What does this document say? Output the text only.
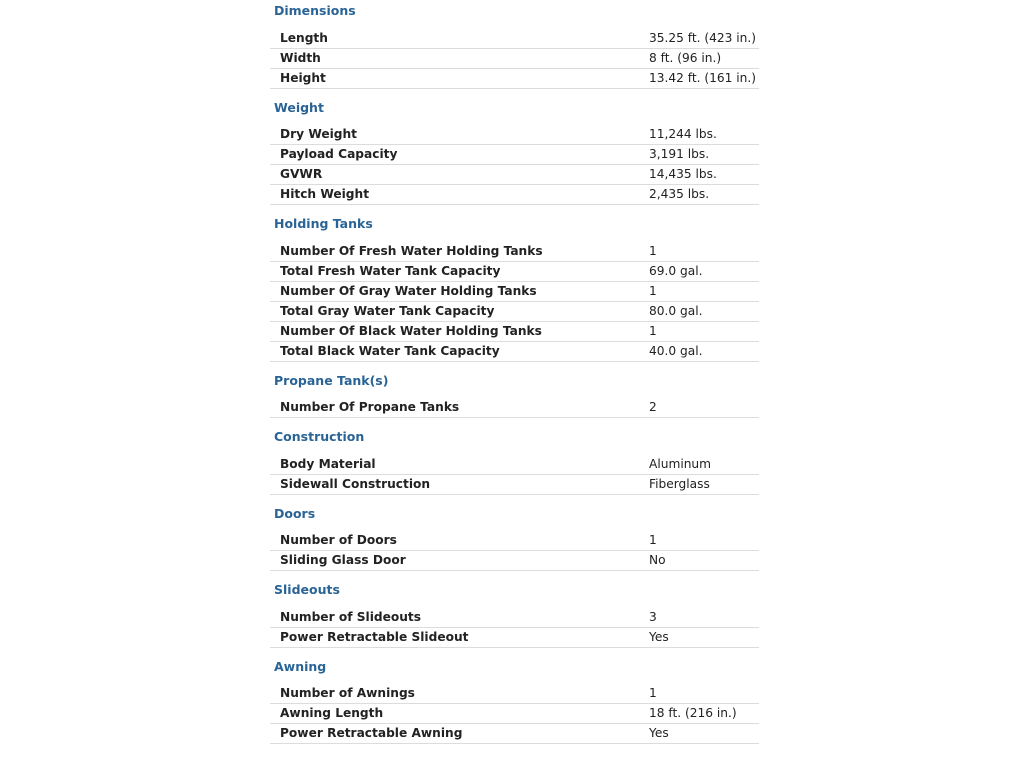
Dimensions
Length	35.25 ft. (423 in.)
Width	8 ft. (96 in.)
Height	13.42 ft. (161 in.)
Weight
Dry Weight	11,244 lbs.
Payload Capacity	3,191 lbs.
GVWR	14,435 lbs.
Hitch Weight	2,435 lbs.
Holding Tanks
Number Of Fresh Water Holding Tanks	1
Total Fresh Water Tank Capacity	69.0 gal.
Number Of Gray Water Holding Tanks	1
Total Gray Water Tank Capacity	80.0 gal.
Number Of Black Water Holding Tanks	1
Total Black Water Tank Capacity	40.0 gal.
Propane Tank(s)
Number Of Propane Tanks	2
Construction
Body Material	Aluminum
Sidewall Construction	Fiberglass
Doors
Number of Doors	1
Sliding Glass Door	No
Slideouts
Number of Slideouts	3
Power Retractable Slideout	Yes
Awning
Number of Awnings	1
Awning Length	18 ft. (216 in.)
Power Retractable Awning	Yes
